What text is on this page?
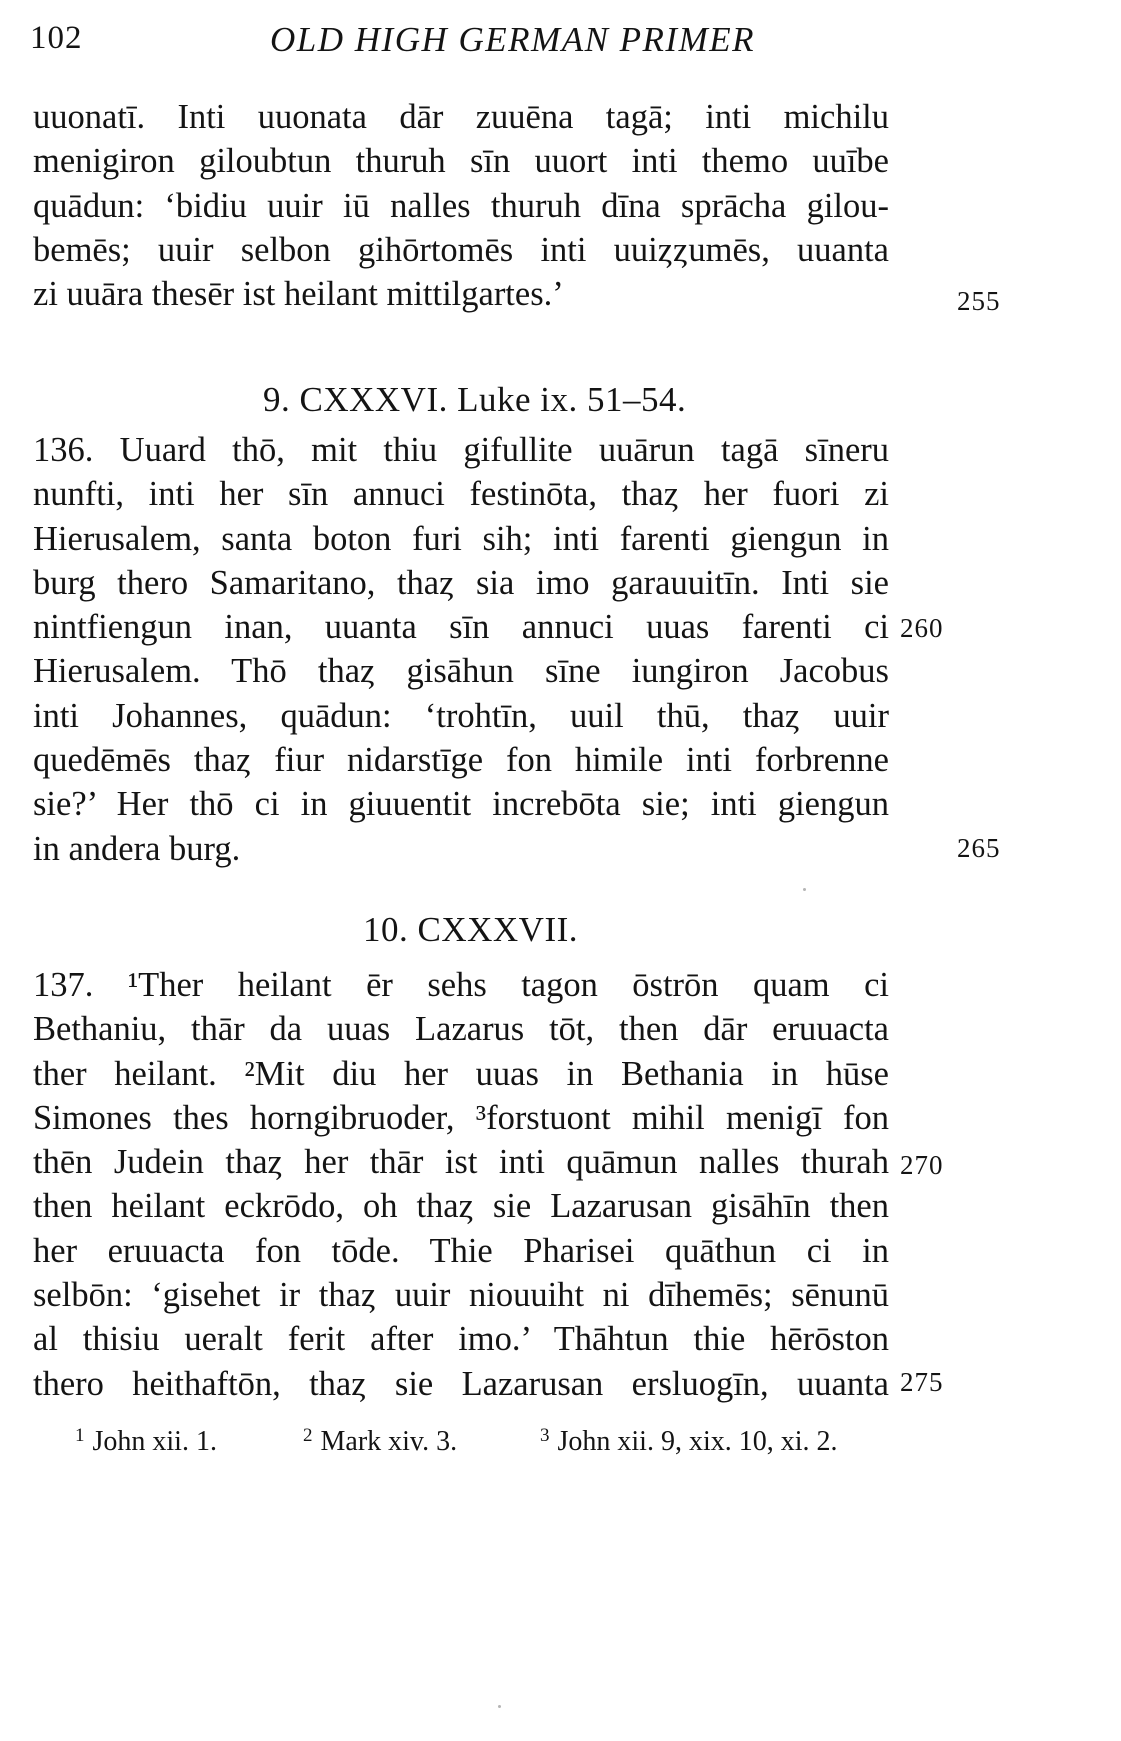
102	OLD HIGH GERMAN PRIMER
uuonatī. Inti uuonata dār zuuēna tagā; inti michilu
menigiron giloubtun thuruh sīn uuort inti themo uuībe
quādun: ‘bidiu uuir iū nalles thuruh dīna sprācha gilou-
bemēs; uuir selbon gihōrtomēs inti uuiȥȥumēs, uuanta
zi uuāra thesēr ist heilant mittilgartes.’	255
9. CXXXVI. Luke ix. 51–54.
136. Uuard thō, mit thiu gifullite uuārun tagā sīneru
nunfti, inti her sīn annuci festinōta, thaȥ her fuori zi
Hierusalem, santa boton furi sih; inti farenti giengun in
burg thero Samaritano, thaȥ sia imo garauuitīn. Inti sie
nintfiengun inan, uuanta sīn annuci uuas farenti ci
Hierusalem. Thō thaȥ gisāhun sīne iungiron Jacobus
inti Johannes, quādun: ‘trohtīn, uuil thū, thaȥ uuir
quedēmēs thaȥ fiur nidarstīge fon himile inti forbrenne
sie?’ Her thō ci in giuuentit increbōta sie; inti giengun
in andera burg.
260
265
10. CXXXVII.
137. ¹Ther heilant ēr sehs tagon ōstrōn quam ci
Bethaniu, thār da uuas Lazarus tōt, then dār eruuacta
ther heilant. ²Mit diu her uuas in Bethania in hūse
Simones thes horngibruoder, ³forstuont mihil menigī fon
thēn Judein thaȥ her thār ist inti quāmun nalles thurah
then heilant eckrōdo, oh thaȥ sie Lazarusan gisāhīn then
her eruuacta fon tōde. Thie Pharisei quāthun ci in
selbōn: ‘gisehet ir thaȥ uuir niouuiht ni dīhemēs; sēnunū
al thisiu ueralt ferit after imo.’ Thāhtun thie hērōston
thero heithaftōn, thaȥ sie Lazarusan ersluogīn, uuanta
270
275
$^1$ John xii. 1.	$^2$ Mark xiv. 3.	$^3$ John xii. 9, xix. 10, xi. 2.
